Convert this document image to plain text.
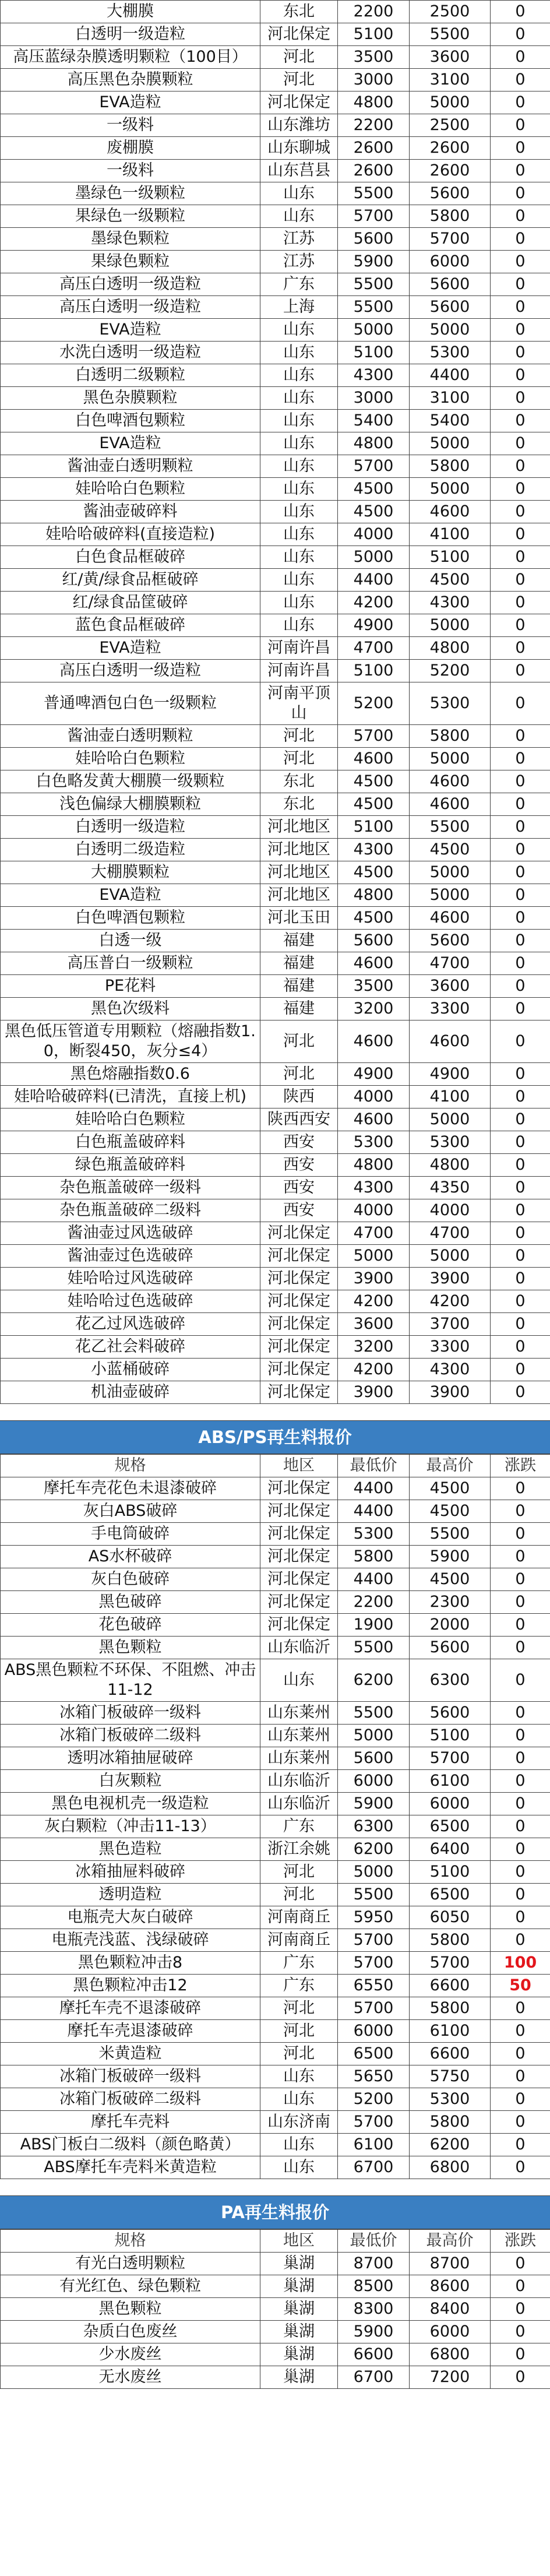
大棚膜	东北	2200	2500	0
白透明一级造粒	河北保定	5100	5500	0
高压蓝绿杂膜透明颗粒（100目）	河北	3500	3600	0
高压黑色杂膜颗粒	河北	3000	3100	0
EVA造粒	河北保定	4800	5000	0
一级料	山东潍坊	2200	2500	0
废棚膜	山东聊城	2600	2600	0
一级料	山东莒县	2600	2600	0
墨绿色一级颗粒	山东	5500	5600	0
果绿色一级颗粒	山东	5700	5800	0
墨绿色颗粒	江苏	5600	5700	0
果绿色颗粒	江苏	5900	6000	0
高压白透明一级造粒	广东	5500	5600	0
高压白透明一级造粒	上海	5500	5600	0
EVA造粒	山东	5000	5000	0
水洗白透明一级造粒	山东	5100	5300	0
白透明二级颗粒	山东	4300	4400	0
黑色杂膜颗粒	山东	3000	3100	0
白色啤酒包颗粒	山东	5400	5400	0
EVA造粒	山东	4800	5000	0
酱油壶白透明颗粒	山东	5700	5800	0
娃哈哈白色颗粒	山东	4500	5000	0
酱油壶破碎料	山东	4500	4600	0
娃哈哈破碎料(直接造粒)	山东	4000	4100	0
白色食品框破碎	山东	5000	5100	0
红/黄/绿食品框破碎	山东	4400	4500	0
红/绿食品筐破碎	山东	4200	4300	0
蓝色食品框破碎	山东	4900	5000	0
EVA造粒	河南许昌	4700	4800	0
高压白透明一级造粒	河南许昌	5100	5200	0
普通啤酒包白色一级颗粒	河南平顶山	5200	5300	0
酱油壶白透明颗粒	河北	5700	5800	0
娃哈哈白色颗粒	河北	4600	5000	0
白色略发黄大棚膜一级颗粒	东北	4500	4600	0
浅色偏绿大棚膜颗粒	东北	4500	4600	0
白透明一级造粒	河北地区	5100	5500	0
白透明二级造粒	河北地区	4300	4500	0
大棚膜颗粒	河北地区	4500	5000	0
EVA造粒	河北地区	4800	5000	0
白色啤酒包颗粒	河北玉田	4500	4600	0
白透一级	福建	5600	5600	0
高压普白一级颗粒	福建	4600	4700	0
PE花料	福建	3500	3600	0
黑色次级料	福建	3200	3300	0
黑色低压管道专用颗粒（熔融指数1.0，断裂450，灰分≤4）	河北	4600	4600	0
黑色熔融指数0.6	河北	4900	4900	0
娃哈哈破碎料(已清洗，直接上机)	陕西	4000	4100	0
娃哈哈白色颗粒	陕西西安	4600	5000	0
白色瓶盖破碎料	西安	5300	5300	0
绿色瓶盖破碎料	西安	4800	4800	0
杂色瓶盖破碎一级料	西安	4300	4350	0
杂色瓶盖破碎二级料	西安	4000	4000	0
酱油壶过风选破碎	河北保定	4700	4700	0
酱油壶过色选破碎	河北保定	5000	5000	0
娃哈哈过风选破碎	河北保定	3900	3900	0
娃哈哈过色选破碎	河北保定	4200	4200	0
花乙过风选破碎	河北保定	3600	3700	0
花乙社会料破碎	河北保定	3200	3300	0
小蓝桶破碎	河北保定	4200	4300	0
机油壶破碎	河北保定	3900	3900	0
ABS/PS再生料报价
规格	地区	最低价	最高价	涨跌
摩托车壳花色未退漆破碎	河北保定	4400	4500	0
灰白ABS破碎	河北保定	4400	4500	0
手电筒破碎	河北保定	5300	5500	0
AS水杯破碎	河北保定	5800	5900	0
灰白色破碎	河北保定	4400	4500	0
黑色破碎	河北保定	2200	2300	0
花色破碎	河北保定	1900	2000	0
黑色颗粒	山东临沂	5500	5600	0
ABS黑色颗粒不环保、不阻燃、冲击11-12	山东	6200	6300	0
冰箱门板破碎一级料	山东莱州	5500	5600	0
冰箱门板破碎二级料	山东莱州	5000	5100	0
透明冰箱抽屉破碎	山东莱州	5600	5700	0
白灰颗粒	山东临沂	6000	6100	0
黑色电视机壳一级造粒	山东临沂	5900	6000	0
灰白颗粒（冲击11-13）	广东	6300	6500	0
黑色造粒	浙江余姚	6200	6400	0
冰箱抽屉料破碎	河北	5000	5100	0
透明造粒	河北	5500	6500	0
电瓶壳大灰白破碎	河南商丘	5950	6050	0
电瓶壳浅蓝、浅绿破碎	河南商丘	5700	5800	0
黑色颗粒冲击8	广东	5700	5700	100
黑色颗粒冲击12	广东	6550	6600	50
摩托车壳不退漆破碎	河北	5700	5800	0
摩托车壳退漆破碎	河北	6000	6100	0
米黄造粒	河北	6500	6600	0
冰箱门板破碎一级料	山东	5650	5750	0
冰箱门板破碎二级料	山东	5200	5300	0
摩托车壳料	山东济南	5700	5800	0
ABS门板白二级料（颜色略黄）	山东	6100	6200	0
ABS摩托车壳料米黄造粒	山东	6700	6800	0
PA再生料报价
规格	地区	最低价	最高价	涨跌
有光白透明颗粒	巢湖	8700	8700	0
有光红色、绿色颗粒	巢湖	8500	8600	0
黑色颗粒	巢湖	8300	8400	0
杂质白色废丝	巢湖	5900	6000	0
少水废丝	巢湖	6600	6800	0
无水废丝	巢湖	6700	7200	0
